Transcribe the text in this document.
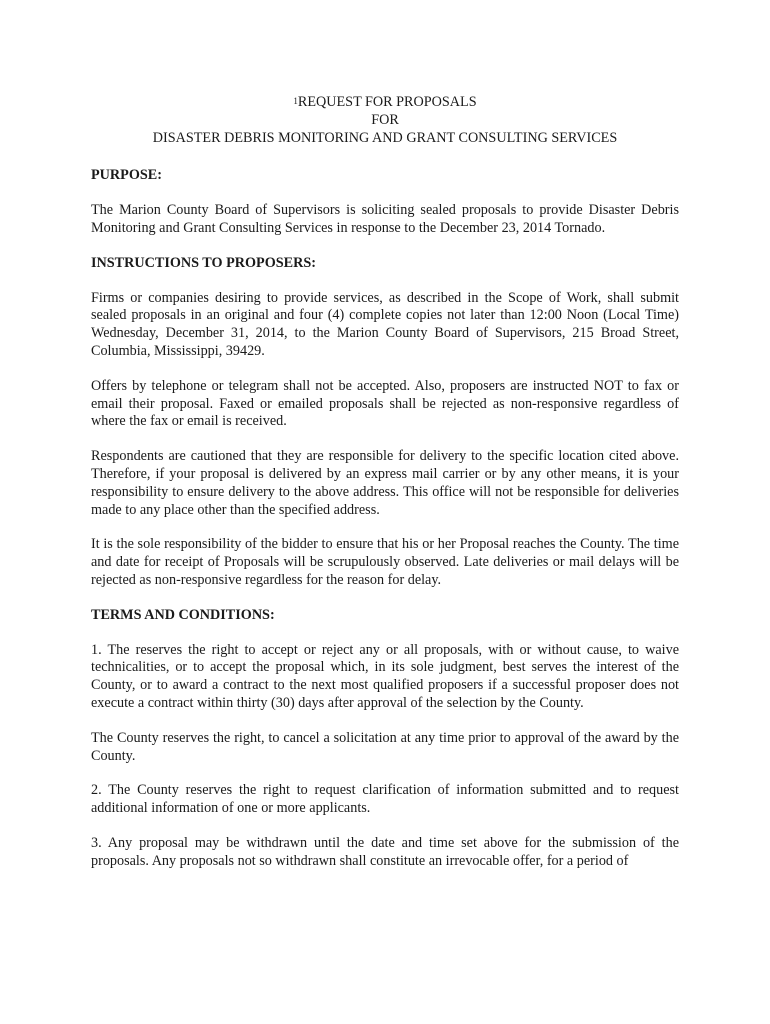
$^1$REQUEST FOR PROPOSALS
FOR
DISASTER DEBRIS MONITORING AND GRANT CONSULTING SERVICES
PURPOSE:

The Marion County Board of Supervisors is soliciting sealed proposals to provide Disaster Debris Monitoring and Grant Consulting Services in response to the December 23, 2014 Tornado.

INSTRUCTIONS TO PROPOSERS:

Firms or companies desiring to provide services, as described in the Scope of Work, shall submit sealed proposals in an original and four (4) complete copies not later than 12:00 Noon (Local Time) Wednesday, December 31, 2014, to the Marion County Board of Supervisors, 215 Broad Street, Columbia, Mississippi, 39429.

Offers by telephone or telegram shall not be accepted. Also, proposers are instructed NOT to fax or email their proposal. Faxed or emailed proposals shall be rejected as non-responsive regardless of where the fax or email is received.

Respondents are cautioned that they are responsible for delivery to the specific location cited above. Therefore, if your proposal is delivered by an express mail carrier or by any other means, it is your responsibility to ensure delivery to the above address. This office will not be responsible for deliveries made to any place other than the specified address.

It is the sole responsibility of the bidder to ensure that his or her Proposal reaches the County. The time and date for receipt of Proposals will be scrupulously observed. Late deliveries or mail delays will be rejected as non-responsive regardless for the reason for delay.

TERMS AND CONDITIONS:

1. The reserves the right to accept or reject any or all proposals, with or without cause, to waive technicalities, or to accept the proposal which, in its sole judgment, best serves the interest of the County, or to award a contract to the next most qualified proposers if a successful proposer does not execute a contract within thirty (30) days after approval of the selection by the County.

The County reserves the right, to cancel a solicitation at any time prior to approval of the award by the County.

2. The County reserves the right to request clarification of information submitted and to request additional information of one or more applicants.

3. Any proposal may be withdrawn until the date and time set above for the submission of the proposals. Any proposals not so withdrawn shall constitute an irrevocable offer, for a period of
